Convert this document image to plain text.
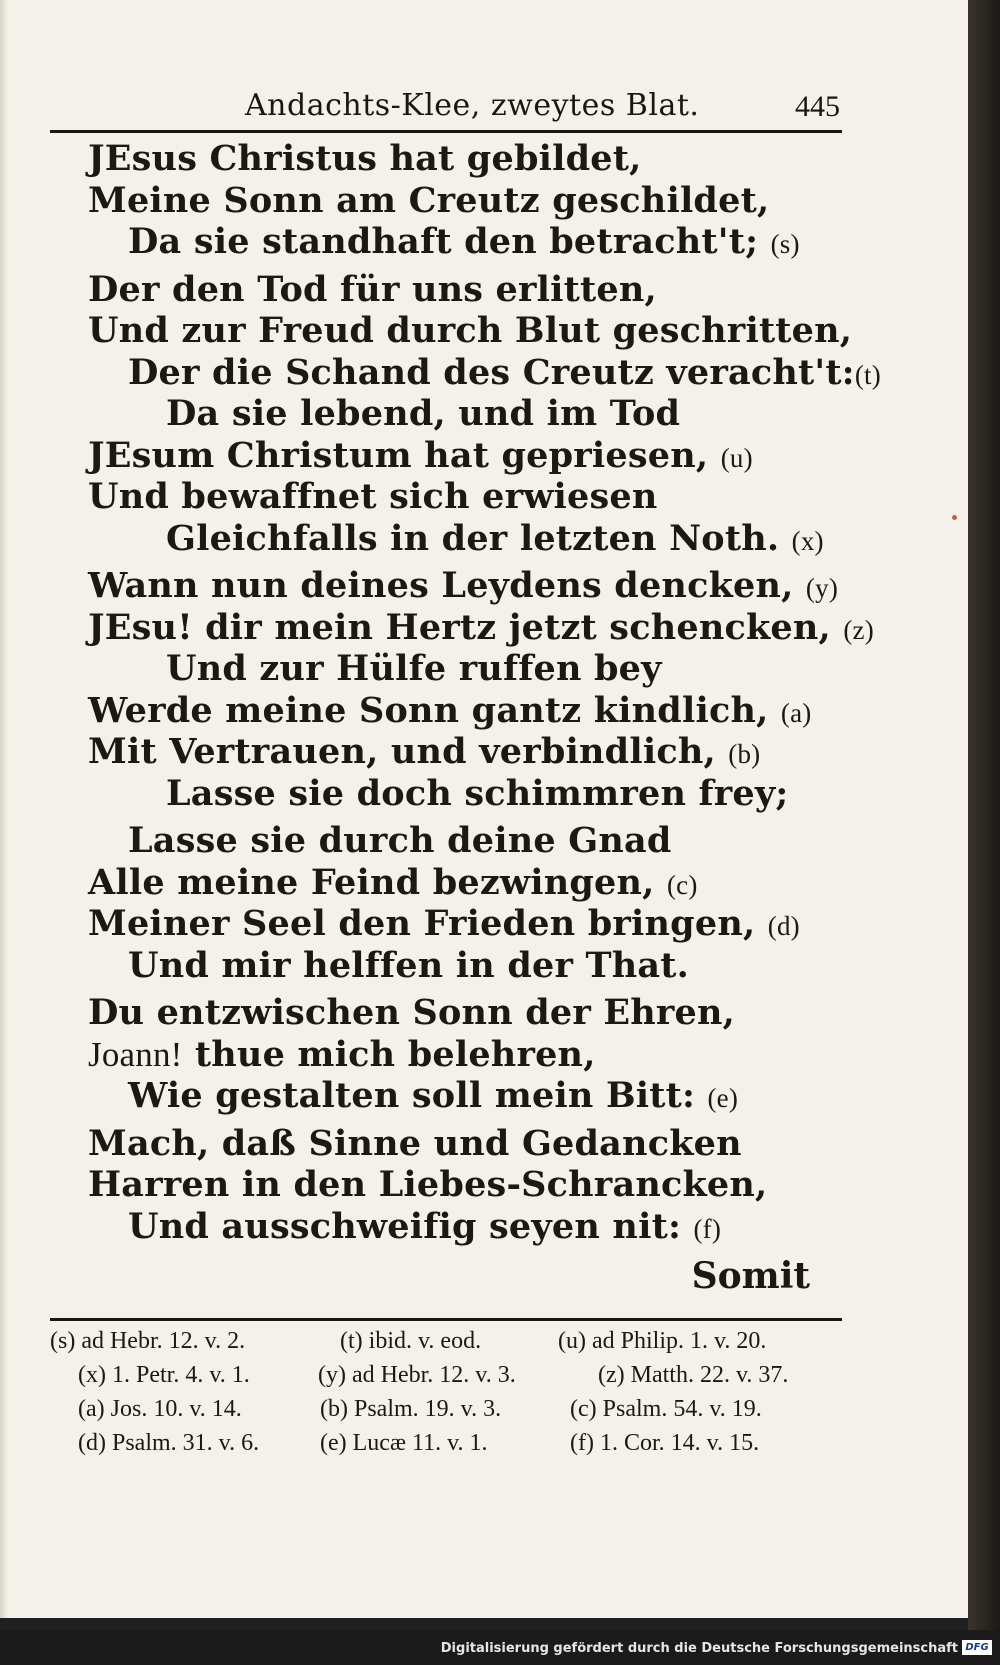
Andachts-Klee, zweytes Blat.	445
JEsus Christus hat gebildet,
Meine Sonn am Creutz geschildet,
Da sie standhaft den betracht't; (s)
Der den Tod für uns erlitten,
Und zur Freud durch Blut geschritten,
Der die Schand des Creutz veracht't:(t)
Da sie lebend, und im Tod
JEsum Christum hat gepriesen, (u)
Und bewaffnet sich erwiesen
Gleichfalls in der letzten Noth. (x)
Wann nun deines Leydens dencken, (y)
JEsu! dir mein Hertz jetzt schencken, (z)
Und zur Hülfe ruffen bey
Werde meine Sonn gantz kindlich, (a)
Mit Vertrauen, und verbindlich, (b)
Lasse sie doch schimmren frey;
Lasse sie durch deine Gnad
Alle meine Feind bezwingen, (c)
Meiner Seel den Frieden bringen, (d)
Und mir helffen in der That.
Du entzwischen Sonn der Ehren,
Joann! thue mich belehren,
Wie gestalten soll mein Bitt: (e)
Mach, daß Sinne und Gedancken
Harren in den Liebes-Schrancken,
Und ausschweifig seyen nit: (f)
Somit
(s) ad Hebr. 12. v. 2.	(t) ibid. v. eod.	(u) ad Philip. 1. v. 20.
(x) 1. Petr. 4. v. 1.	(y) ad Hebr. 12. v. 3.	(z) Matth. 22. v. 37.
(a) Jos. 10. v. 14.	(b) Psalm. 19. v. 3.	(c) Psalm. 54. v. 19.
(d) Psalm. 31. v. 6.	(e) Lucæ 11. v. 1.	(f) 1. Cor. 14. v. 15.
Digitalisierung gefördert durch die Deutsche Forschungsgemeinschaft DFG
